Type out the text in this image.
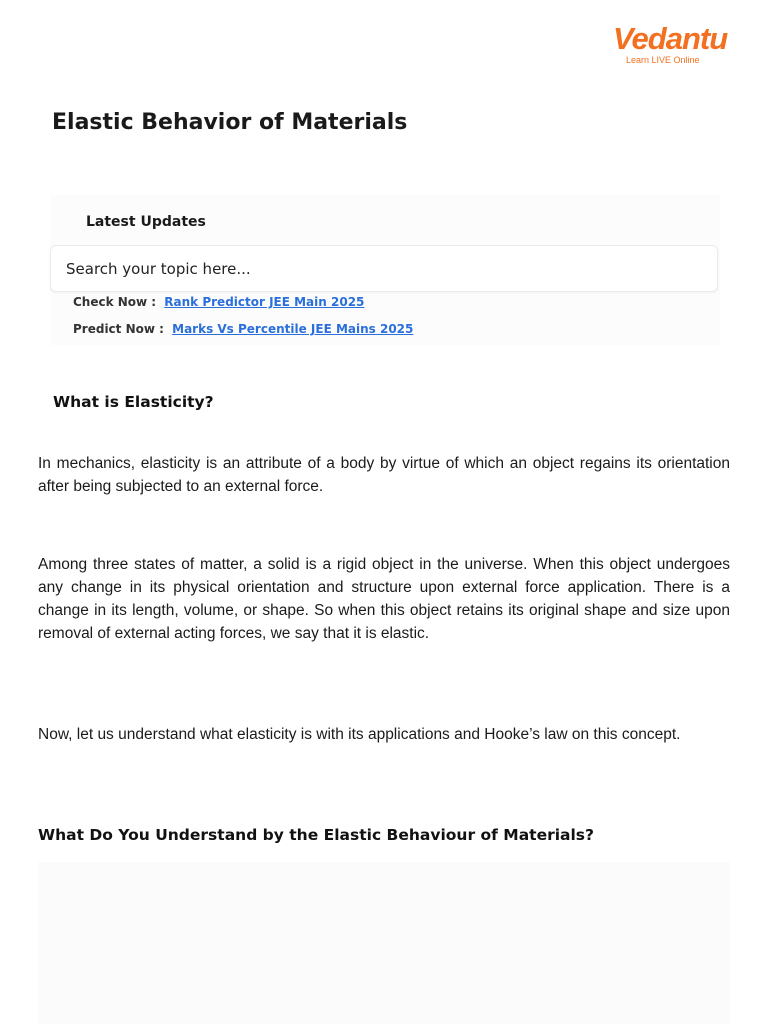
Vedantu
Learn LIVE Online
Elastic Behavior of Materials
Latest Updates
Search your topic here...
Check Now : Rank Predictor JEE Main 2025
Predict Now : Marks Vs Percentile JEE Mains 2025
What is Elasticity?

In mechanics, elasticity is an attribute of a body by virtue of which an object regains its orientation after being subjected to an external force.

Among three states of matter, a solid is a rigid object in the universe. When this object undergoes any change in its physical orientation and structure upon external force application. There is a change in its length, volume, or shape. So when this object retains its original shape and size upon removal of external acting forces, we say that it is elastic.

Now, let us understand what elasticity is with its applications and Hooke’s law on this concept.

What Do You Understand by the Elastic Behaviour of Materials?
